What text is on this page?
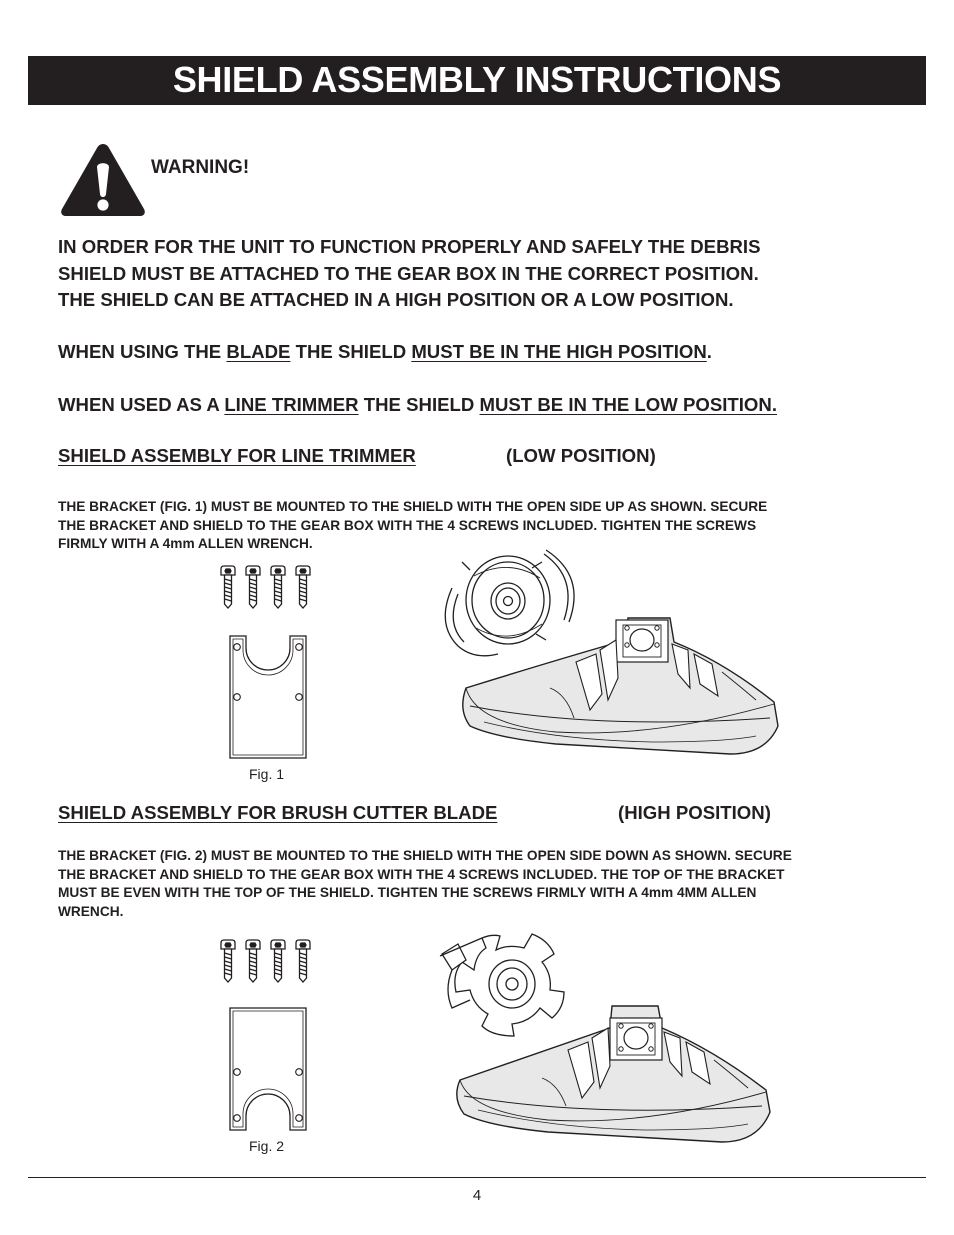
SHIELD ASSEMBLY INSTRUCTIONS
WARNING!
IN ORDER FOR THE UNIT TO FUNCTION PROPERLY AND SAFELY THE DEBRIS
SHIELD MUST BE ATTACHED TO THE GEAR BOX IN THE CORRECT POSITION.
THE SHIELD CAN BE ATTACHED IN A HIGH POSITION OR A LOW POSITION.
WHEN USING THE BLADE THE SHIELD MUST BE IN THE HIGH POSITION.
WHEN USED AS A LINE TRIMMER THE SHIELD MUST BE IN THE LOW POSITION.
SHIELD ASSEMBLY FOR LINE TRIMMER	(LOW POSITION)
THE BRACKET (FIG. 1) MUST BE MOUNTED TO THE SHIELD WITH THE OPEN SIDE UP AS SHOWN. SECURE
THE BRACKET AND SHIELD TO THE GEAR BOX WITH THE 4 SCREWS INCLUDED. TIGHTEN THE SCREWS
FIRMLY WITH A 4mm ALLEN WRENCH.
Fig. 1
SHIELD ASSEMBLY FOR BRUSH CUTTER BLADE	(HIGH POSITION)
THE BRACKET (FIG. 2) MUST BE MOUNTED TO THE SHIELD WITH THE OPEN SIDE DOWN AS SHOWN. SECURE
THE BRACKET AND SHIELD TO THE GEAR BOX WITH THE 4 SCREWS INCLUDED. THE TOP OF THE BRACKET
MUST BE EVEN WITH THE TOP OF THE SHIELD. TIGHTEN THE SCREWS FIRMLY WITH A 4mm 4MM ALLEN
WRENCH.
Fig. 2
4
